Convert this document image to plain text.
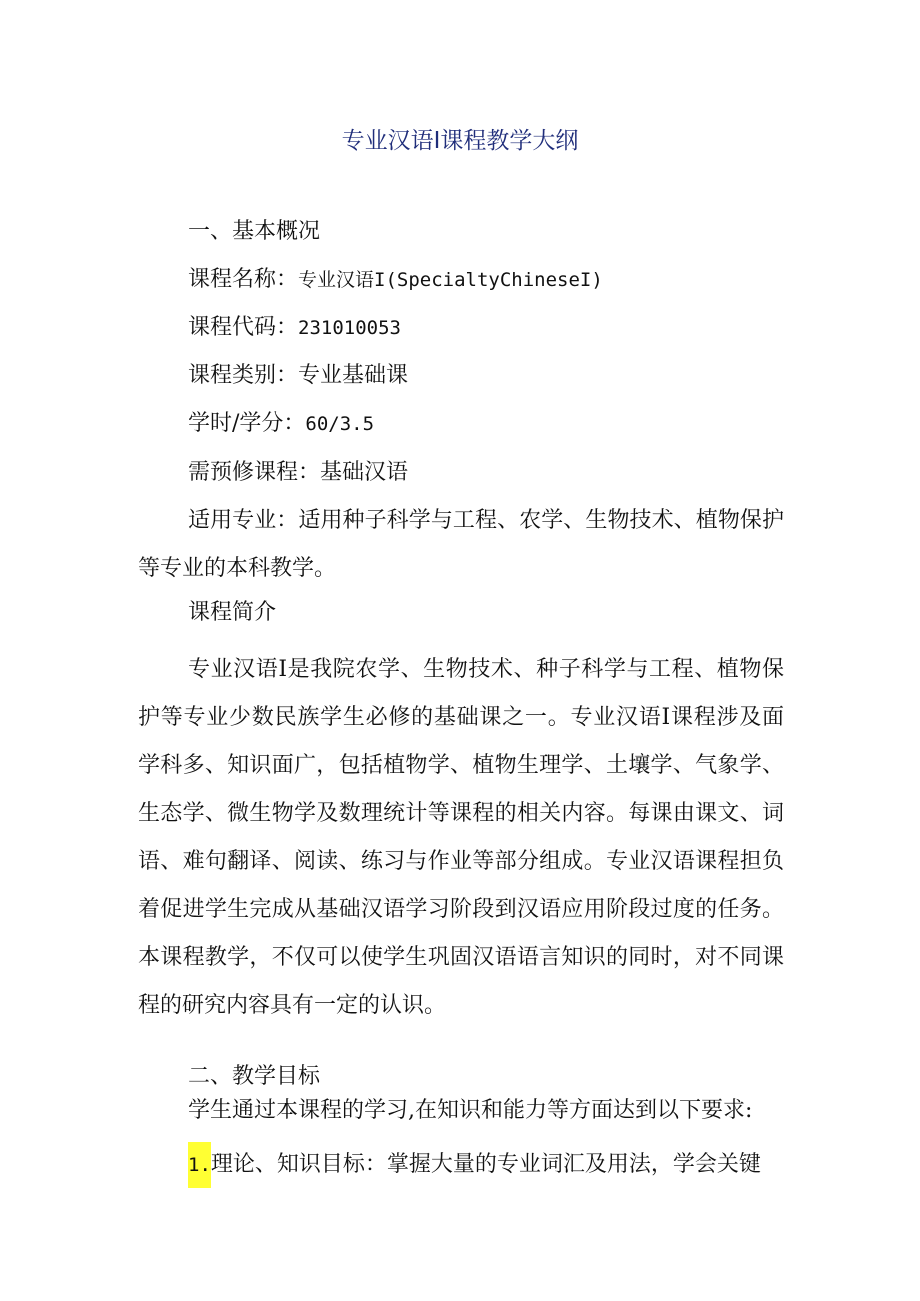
专业汉语I课程教学大纲
一、基本概况
课程名称：专业汉语I(SpecialtyChineseI)
课程代码：231010053
课程类别：专业基础课
学时/学分：60/3.5
需预修课程：基础汉语
适用专业：适用种子科学与工程、农学、生物技术、植物保护等专业的本科教学。
课程简介
专业汉语I是我院农学、生物技术、种子科学与工程、植物保护等专业少数民族学生必修的基础课之一。专业汉语I课程涉及面学科多、知识面广，包括植物学、植物生理学、土壤学、气象学、生态学、微生物学及数理统计等课程的相关内容。每课由课文、词语、难句翻译、阅读、练习与作业等部分组成。专业汉语课程担负着促进学生完成从基础汉语学习阶段到汉语应用阶段过度的任务。本课程教学，不仅可以使学生巩固汉语语言知识的同时，对不同课程的研究内容具有一定的认识。
二、教学目标
学生通过本课程的学习,在知识和能力等方面达到以下要求:
1.理论、知识目标：掌握大量的专业词汇及用法，学会关键
